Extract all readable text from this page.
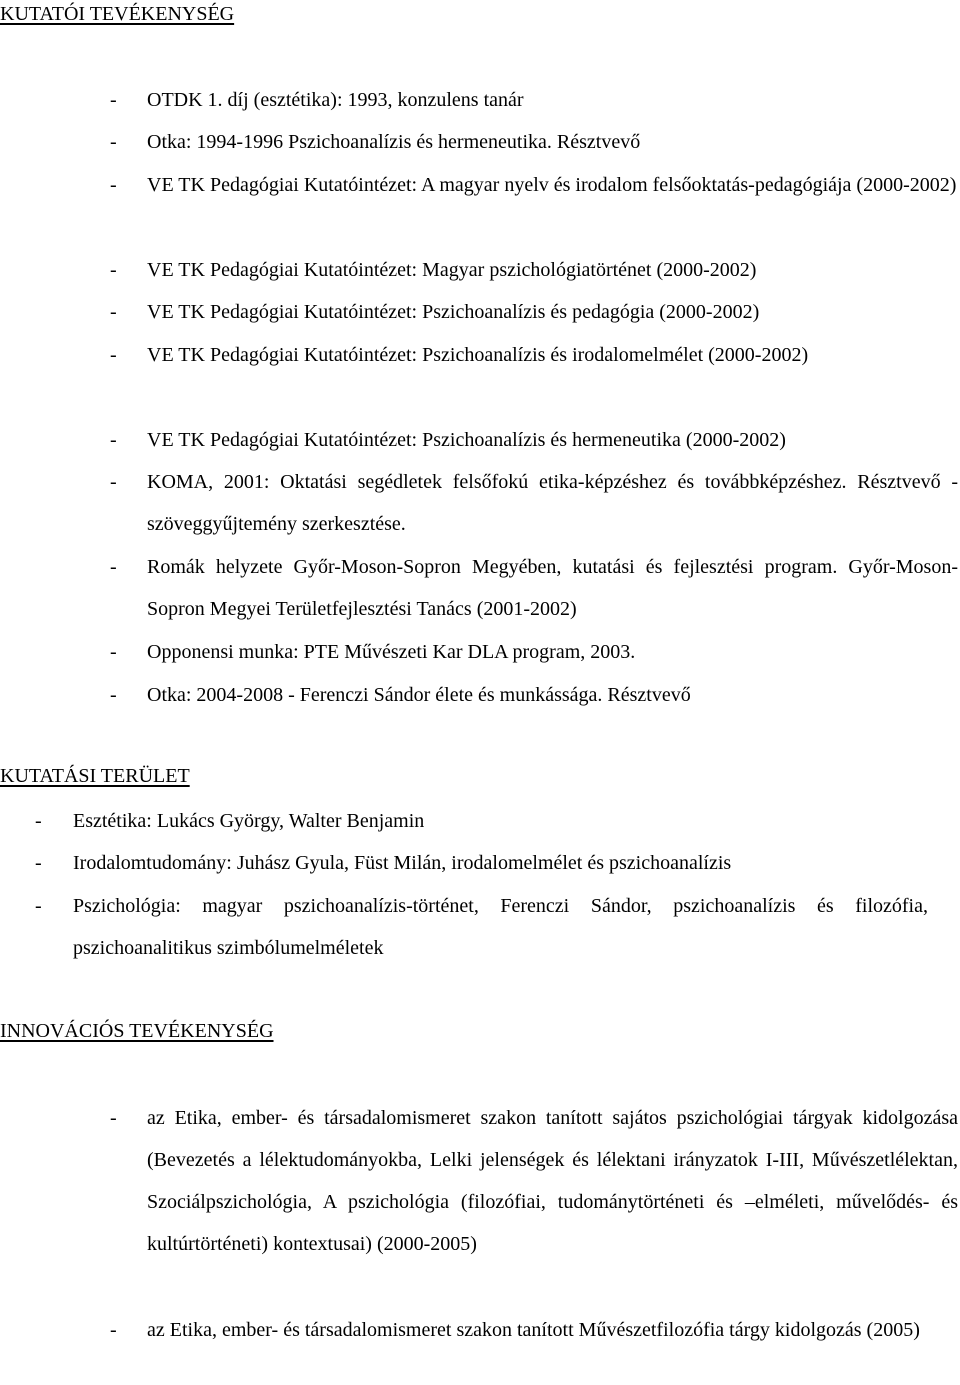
KUTATÓI TEVÉKENYSÉG
- OTDK 1. díj (esztétika): 1993, konzulens tanár
- Otka: 1994-1996 Pszichoanalízis és hermeneutika. Résztvevő
- VE TK Pedagógiai Kutatóintézet: A magyar nyelv és irodalom felsőoktatás-pedagógiája (2000-2002)
- VE TK Pedagógiai Kutatóintézet: Magyar pszichológiatörténet (2000-2002)
- VE TK Pedagógiai Kutatóintézet: Pszichoanalízis és pedagógia (2000-2002)
- VE TK Pedagógiai Kutatóintézet: Pszichoanalízis és irodalomelmélet (2000-2002)
- VE TK Pedagógiai Kutatóintézet: Pszichoanalízis és hermeneutika (2000-2002)
- KOMA, 2001: Oktatási segédletek felsőfokú etika-képzéshez és továbbképzéshez. Résztvevő - szöveggyűjtemény szerkesztése.
- Romák helyzete Győr-Moson-Sopron Megyében, kutatási és fejlesztési program. Győr-Moson-Sopron Megyei Területfejlesztési Tanács (2001-2002)
- Opponensi munka: PTE Művészeti Kar DLA program, 2003.
- Otka: 2004-2008 - Ferenczi Sándor élete és munkássága. Résztvevő
KUTATÁSI TERÜLET
- Esztétika: Lukács György, Walter Benjamin
- Irodalomtudomány: Juhász Gyula, Füst Milán, irodalomelmélet és pszichoanalízis
- Pszichológia: magyar pszichoanalízis-történet, Ferenczi Sándor, pszichoanalízis és filozófia, pszichoanalitikus szimbólumelméletek
INNOVÁCIÓS TEVÉKENYSÉG
- az Etika, ember- és társadalomismeret szakon tanított sajátos pszichológiai tárgyak kidolgozása (Bevezetés a lélektudományokba, Lelki jelenségek és lélektani irányzatok I-III, Művészetlélektan, Szociálpszichológia, A pszichológia (filozófiai, tudománytörténeti és –elméleti, művelődés- és kultúrtörténeti) kontextusai) (2000-2005)
- az Etika, ember- és társadalomismeret szakon tanított Művészetfilozófia tárgy kidolgozás (2005)
